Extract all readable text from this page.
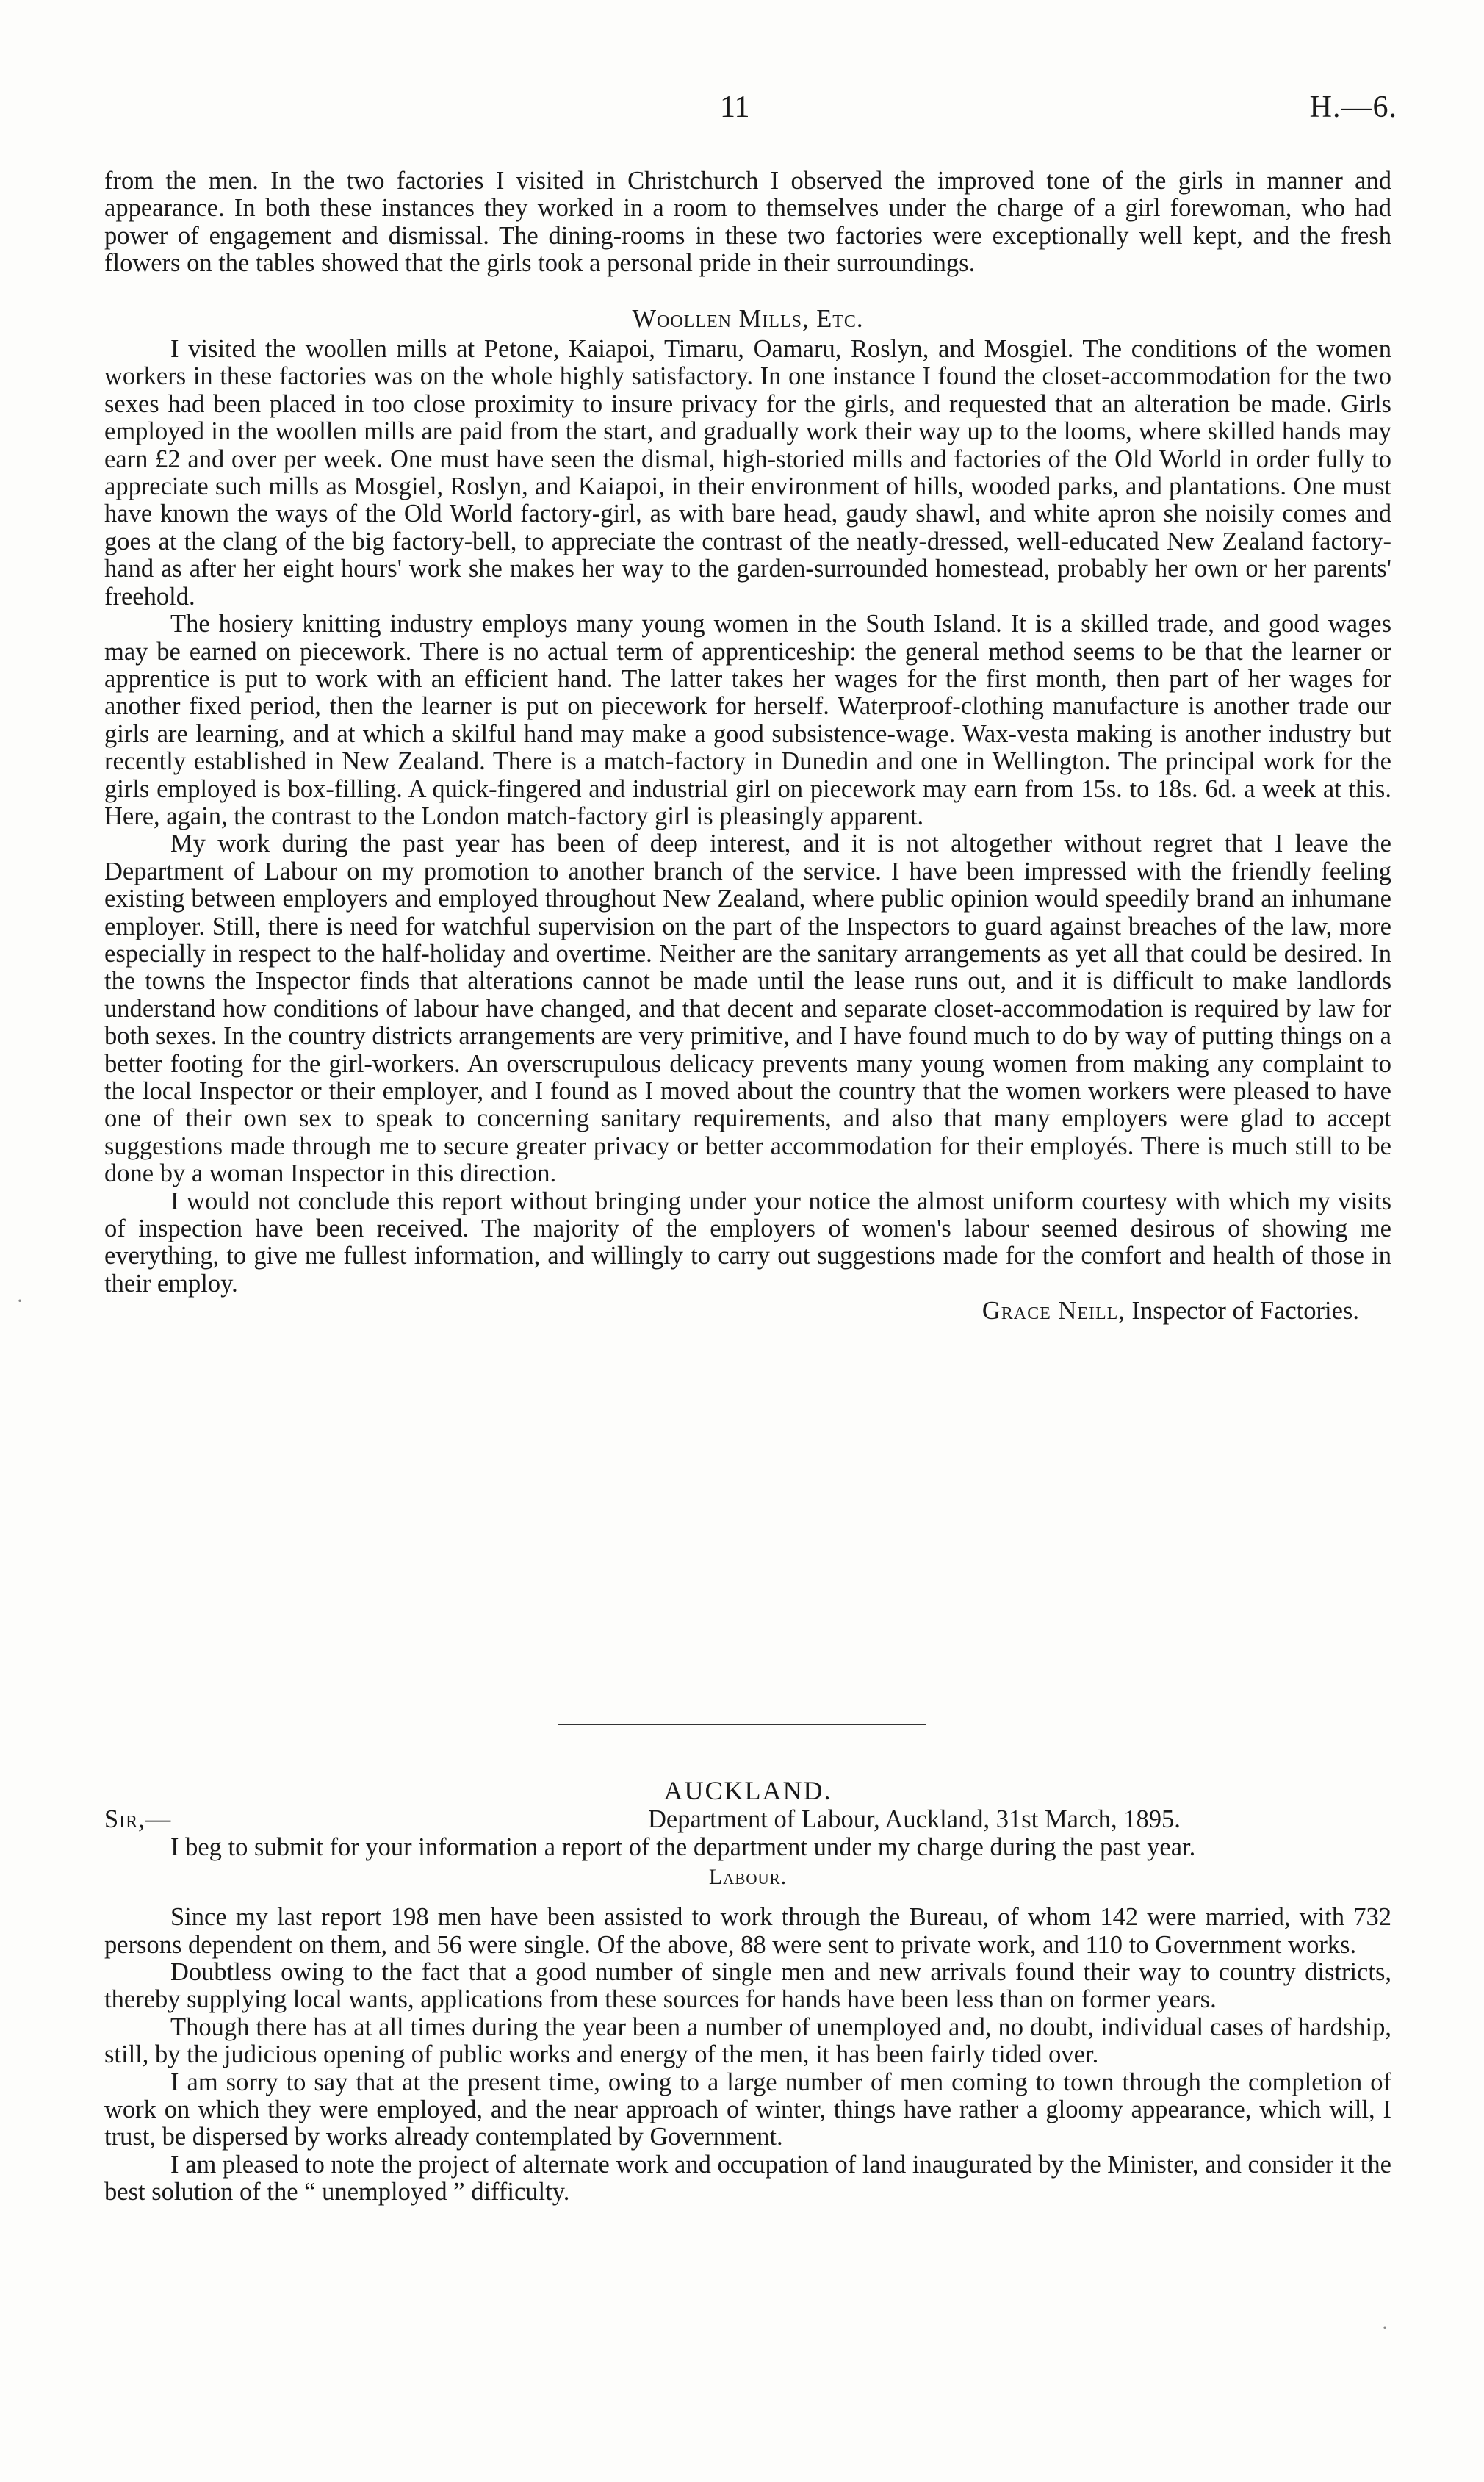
11	H.—6.

from the men. In the two factories I visited in Christchurch I observed the improved tone of the girls in manner and appearance. In both these instances they worked in a room to themselves under the charge of a girl forewoman, who had power of engagement and dismissal. The dining-rooms in these two factories were exceptionally well kept, and the fresh flowers on the tables showed that the girls took a personal pride in their surroundings.

Woollen Mills, Etc.

I visited the woollen mills at Petone, Kaiapoi, Timaru, Oamaru, Roslyn, and Mosgiel. The conditions of the women workers in these factories was on the whole highly satisfactory. In one instance I found the closet-accommodation for the two sexes had been placed in too close proximity to insure privacy for the girls, and requested that an alteration be made. Girls employed in the woollen mills are paid from the start, and gradually work their way up to the looms, where skilled hands may earn £2 and over per week. One must have seen the dismal, high-storied mills and factories of the Old World in order fully to appreciate such mills as Mosgiel, Roslyn, and Kaiapoi, in their environment of hills, wooded parks, and plantations. One must have known the ways of the Old World factory-girl, as with bare head, gaudy shawl, and white apron she noisily comes and goes at the clang of the big factory-bell, to appreciate the contrast of the neatly-dressed, well-educated New Zealand factory-hand as after her eight hours' work she makes her way to the garden-surrounded homestead, probably her own or her parents' freehold.

The hosiery knitting industry employs many young women in the South Island. It is a skilled trade, and good wages may be earned on piecework. There is no actual term of apprenticeship: the general method seems to be that the learner or apprentice is put to work with an efficient hand. The latter takes her wages for the first month, then part of her wages for another fixed period, then the learner is put on piecework for herself. Waterproof-clothing manufacture is another trade our girls are learning, and at which a skilful hand may make a good subsistence-wage. Wax-vesta making is another industry but recently established in New Zealand. There is a match-factory in Dunedin and one in Wellington. The principal work for the girls employed is box-filling. A quick-fingered and industrial girl on piecework may earn from 15s. to 18s. 6d. a week at this. Here, again, the contrast to the London match-factory girl is pleasingly apparent.

My work during the past year has been of deep interest, and it is not altogether without regret that I leave the Department of Labour on my promotion to another branch of the service. I have been impressed with the friendly feeling existing between employers and employed throughout New Zealand, where public opinion would speedily brand an inhumane employer. Still, there is need for watchful supervision on the part of the Inspectors to guard against breaches of the law, more especially in respect to the half-holiday and overtime. Neither are the sanitary arrangements as yet all that could be desired. In the towns the Inspector finds that alterations cannot be made until the lease runs out, and it is difficult to make landlords understand how conditions of labour have changed, and that decent and separate closet-accommodation is required by law for both sexes. In the country districts arrangements are very primitive, and I have found much to do by way of putting things on a better footing for the girl-workers. An overscrupulous delicacy prevents many young women from making any complaint to the local Inspector or their employer, and I found as I moved about the country that the women workers were pleased to have one of their own sex to speak to concerning sanitary requirements, and also that many employers were glad to accept suggestions made through me to secure greater privacy or better accommodation for their employés. There is much still to be done by a woman Inspector in this direction.

I would not conclude this report without bringing under your notice the almost uniform courtesy with which my visits of inspection have been received. The majority of the employers of women's labour seemed desirous of showing me everything, to give me fullest information, and willingly to carry out suggestions made for the comfort and health of those in their employ.

Grace Neill, Inspector of Factories.
AUCKLAND.
Sir,—	Department of Labour, Auckland, 31st March, 1895.

I beg to submit for your information a report of the department under my charge during the past year.

Labour.

Since my last report 198 men have been assisted to work through the Bureau, of whom 142 were married, with 732 persons dependent on them, and 56 were single. Of the above, 88 were sent to private work, and 110 to Government works.

Doubtless owing to the fact that a good number of single men and new arrivals found their way to country districts, thereby supplying local wants, applications from these sources for hands have been less than on former years.

Though there has at all times during the year been a number of unemployed and, no doubt, individual cases of hardship, still, by the judicious opening of public works and energy of the men, it has been fairly tided over.

I am sorry to say that at the present time, owing to a large number of men coming to town through the completion of work on which they were employed, and the near approach of winter, things have rather a gloomy appearance, which will, I trust, be dispersed by works already contemplated by Government.

I am pleased to note the project of alternate work and occupation of land inaugurated by the Minister, and consider it the best solution of the “ unemployed ” difficulty.

·
·
